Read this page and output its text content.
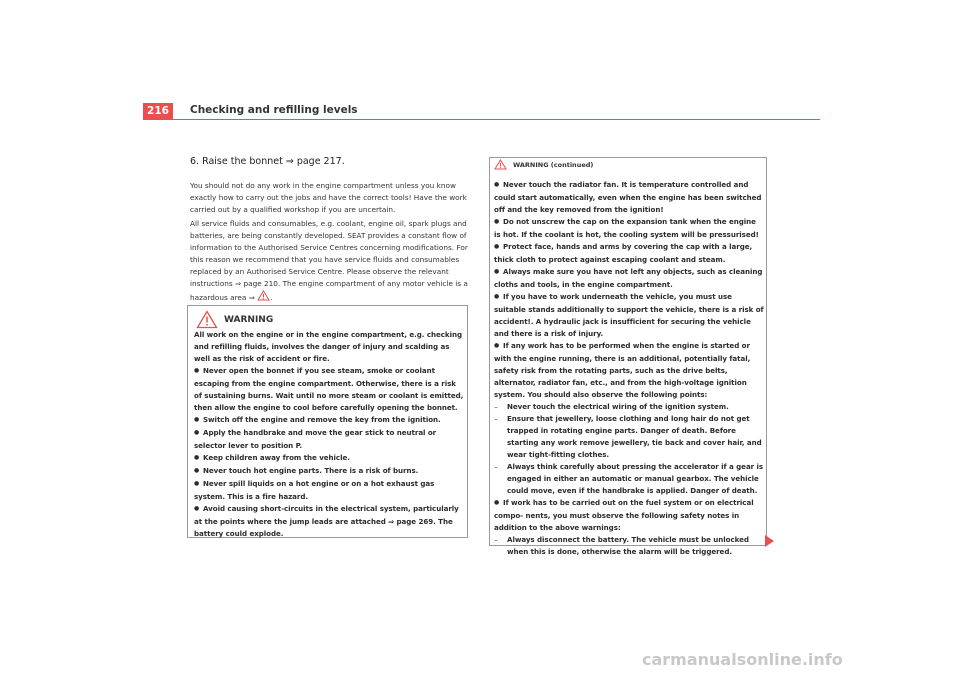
216	Checking and refilling levels
6. Raise the bonnet ⇒ page 217.
You should not do any work in the engine compartment unless you know exactly how to carry out the jobs and have the correct tools! Have the work carried out by a qualified workshop if you are uncertain.
All service fluids and consumables, e.g. coolant, engine oil, spark plugs and batteries, are being constantly developed. SEAT provides a constant flow of information to the Authorised Service Centres concerning modifications. For this reason we recommend that you have service fluids and consumables replaced by an Authorised Service Centre. Please observe the relevant instructions ⇒ page 210. The engine compartment of any motor vehicle is a hazardous area ⇒ .
WARNING

All work on the engine or in the engine compartment, e.g. checking and refilling fluids, involves the danger of injury and scalding as well as the risk of accident or fire.

●Never open the bonnet if you see steam, smoke or coolant escaping from the engine compartment. Otherwise, there is a risk of sustaining burns. Wait until no more steam or coolant is emitted, then allow the engine to cool before carefully opening the bonnet.

●Switch off the engine and remove the key from the ignition.

●Apply the handbrake and move the gear stick to neutral or selector lever to position P.

●Keep children away from the vehicle.

●Never touch hot engine parts. There is a risk of burns.

●Never spill liquids on a hot engine or on a hot exhaust gas system. This is a fire hazard.

●Avoid causing short-circuits in the electrical system, particularly at the points where the jump leads are attached ⇒ page 269. The battery could explode.

WARNING (continued)

●Never touch the radiator fan. It is temperature controlled and could start automatically, even when the engine has been switched off and the key removed from the ignition!

●Do not unscrew the cap on the expansion tank when the engine is hot. If the coolant is hot, the cooling system will be pressurised!

●Protect face, hands and arms by covering the cap with a large, thick cloth to protect against escaping coolant and steam.

●Always make sure you have not left any objects, such as cleaning cloths and tools, in the engine compartment.

●If you have to work underneath the vehicle, you must use suitable stands additionally to support the vehicle, there is a risk of accident!. A hydraulic jack is insufficient for securing the vehicle and there is a risk of injury.

●If any work has to be performed when the engine is started or with the engine running, there is an additional, potentially fatal, safety risk from the rotating parts, such as the drive belts, alternator, radiator fan, etc., and from the high-voltage ignition system. You should also observe the following points:

– Never touch the electrical wiring of the ignition system.

– Ensure that jewellery, loose clothing and long hair do not get trapped in rotating engine parts. Danger of death. Before starting any work remove jewellery, tie back and cover hair, and wear tight-fitting clothes.

– Always think carefully about pressing the accelerator if a gear is engaged in either an automatic or manual gearbox. The vehicle could move, even if the handbrake is applied. Danger of death.

●If work has to be carried out on the fuel system or on electrical compo- nents, you must observe the following safety notes in addition to the above warnings:

– Always disconnect the battery. The vehicle must be unlocked when this is done, otherwise the alarm will be triggered.

carmanualsonline.info
